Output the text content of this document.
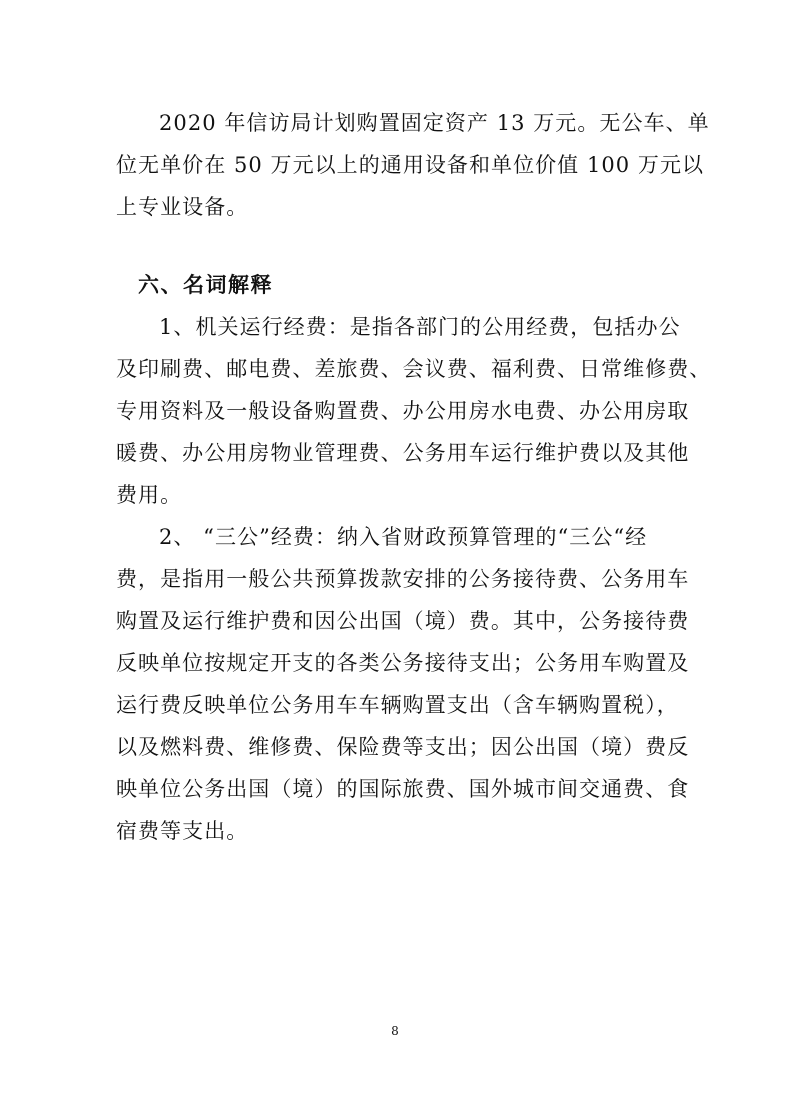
2020 年信访局计划购置固定资产 13 万元。无公车、单
位无单价在 50 万元以上的通用设备和单位价值 100 万元以
上专业设备。
六、名词解释
1、机关运行经费：是指各部门的公用经费，包括办公
及印刷费、邮电费、差旅费、会议费、福利费、日常维修费、
专用资料及一般设备购置费、办公用房水电费、办公用房取
暖费、办公用房物业管理费、公务用车运行维护费以及其他
费用。
2、 “三公”经费：纳入省财政预算管理的“三公“经
费，是指用一般公共预算拨款安排的公务接待费、公务用车
购置及运行维护费和因公出国（境）费。其中，公务接待费
反映单位按规定开支的各类公务接待支出；公务用车购置及
运行费反映单位公务用车车辆购置支出（含车辆购置税），
以及燃料费、维修费、保险费等支出；因公出国（境）费反
映单位公务出国（境）的国际旅费、国外城市间交通费、食
宿费等支出。
8
